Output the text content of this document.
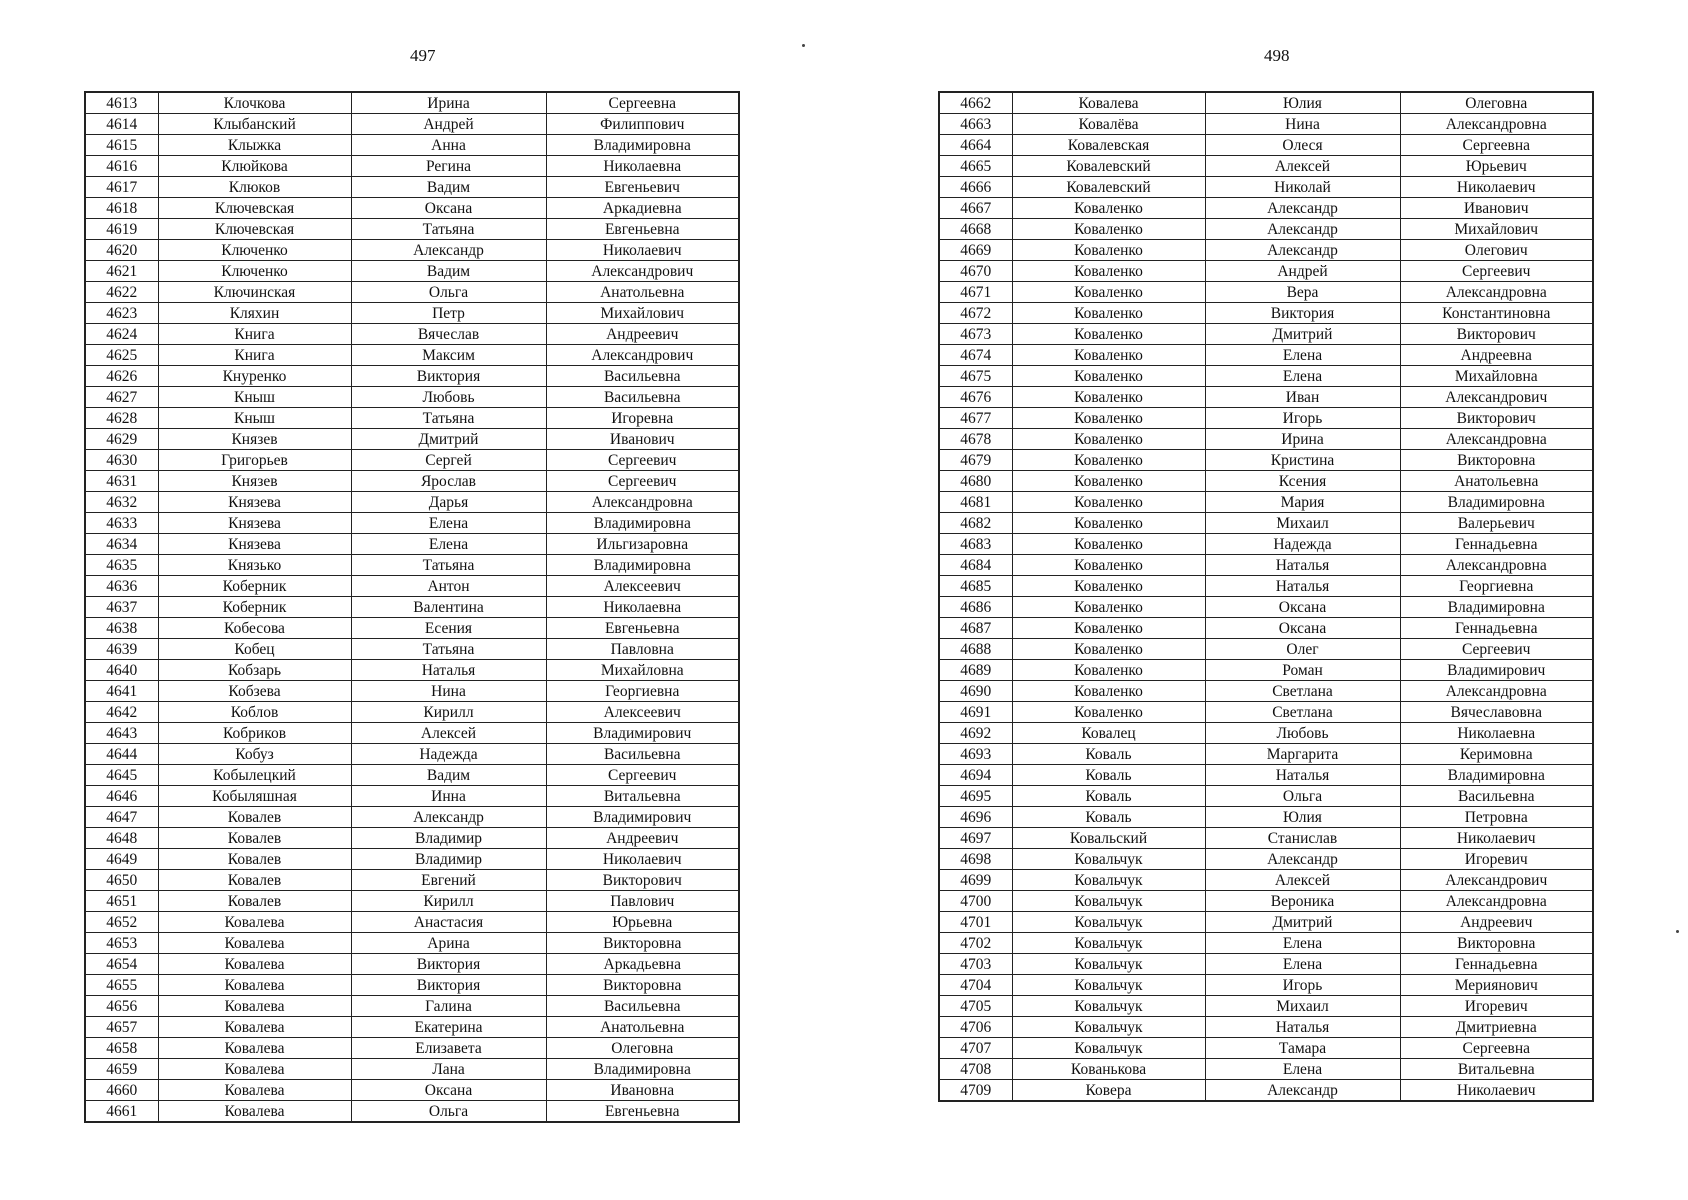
497	498
4613	Клочкова	Ирина	Сергеевна
4614	Клыбанский	Андрей	Филиппович
4615	Клыжка	Анна	Владимировна
4616	Клюйкова	Регина	Николаевна
4617	Клюков	Вадим	Евгеньевич
4618	Ключевская	Оксана	Аркадиевна
4619	Ключевская	Татьяна	Евгеньевна
4620	Ключенко	Александр	Николаевич
4621	Ключенко	Вадим	Александрович
4622	Ключинская	Ольга	Анатольевна
4623	Кляхин	Петр	Михайлович
4624	Книга	Вячеслав	Андреевич
4625	Книга	Максим	Александрович
4626	Кнуренко	Виктория	Васильевна
4627	Кныш	Любовь	Васильевна
4628	Кныш	Татьяна	Игоревна
4629	Князев	Дмитрий	Иванович
4630	Григорьев	Сергей	Сергеевич
4631	Князев	Ярослав	Сергеевич
4632	Князева	Дарья	Александровна
4633	Князева	Елена	Владимировна
4634	Князева	Елена	Ильгизаровна
4635	Князько	Татьяна	Владимировна
4636	Коберник	Антон	Алексеевич
4637	Коберник	Валентина	Николаевна
4638	Кобесова	Есения	Евгеньевна
4639	Кобец	Татьяна	Павловна
4640	Кобзарь	Наталья	Михайловна
4641	Кобзева	Нина	Георгиевна
4642	Коблов	Кирилл	Алексеевич
4643	Кобриков	Алексей	Владимирович
4644	Кобуз	Надежда	Васильевна
4645	Кобылецкий	Вадим	Сергеевич
4646	Кобыляшная	Инна	Витальевна
4647	Ковалев	Александр	Владимирович
4648	Ковалев	Владимир	Андреевич
4649	Ковалев	Владимир	Николаевич
4650	Ковалев	Евгений	Викторович
4651	Ковалев	Кирилл	Павлович
4652	Ковалева	Анастасия	Юрьевна
4653	Ковалева	Арина	Викторовна
4654	Ковалева	Виктория	Аркадьевна
4655	Ковалева	Виктория	Викторовна
4656	Ковалева	Галина	Васильевна
4657	Ковалева	Екатерина	Анатольевна
4658	Ковалева	Елизавета	Олеговна
4659	Ковалева	Лана	Владимировна
4660	Ковалева	Оксана	Ивановна
4661	Ковалева	Ольга	Евгеньевна
4662	Ковалева	Юлия	Олеговна
4663	Ковалёва	Нина	Александровна
4664	Ковалевская	Олеся	Сергеевна
4665	Ковалевский	Алексей	Юрьевич
4666	Ковалевский	Николай	Николаевич
4667	Коваленко	Александр	Иванович
4668	Коваленко	Александр	Михайлович
4669	Коваленко	Александр	Олегович
4670	Коваленко	Андрей	Сергеевич
4671	Коваленко	Вера	Александровна
4672	Коваленко	Виктория	Константиновна
4673	Коваленко	Дмитрий	Викторович
4674	Коваленко	Елена	Андреевна
4675	Коваленко	Елена	Михайловна
4676	Коваленко	Иван	Александрович
4677	Коваленко	Игорь	Викторович
4678	Коваленко	Ирина	Александровна
4679	Коваленко	Кристина	Викторовна
4680	Коваленко	Ксения	Анатольевна
4681	Коваленко	Мария	Владимировна
4682	Коваленко	Михаил	Валерьевич
4683	Коваленко	Надежда	Геннадьевна
4684	Коваленко	Наталья	Александровна
4685	Коваленко	Наталья	Георгиевна
4686	Коваленко	Оксана	Владимировна
4687	Коваленко	Оксана	Геннадьевна
4688	Коваленко	Олег	Сергеевич
4689	Коваленко	Роман	Владимирович
4690	Коваленко	Светлана	Александровна
4691	Коваленко	Светлана	Вячеславовна
4692	Ковалец	Любовь	Николаевна
4693	Коваль	Маргарита	Керимовна
4694	Коваль	Наталья	Владимировна
4695	Коваль	Ольга	Васильевна
4696	Коваль	Юлия	Петровна
4697	Ковальский	Станислав	Николаевич
4698	Ковальчук	Александр	Игоревич
4699	Ковальчук	Алексей	Александрович
4700	Ковальчук	Вероника	Александровна
4701	Ковальчук	Дмитрий	Андреевич
4702	Ковальчук	Елена	Викторовна
4703	Ковальчук	Елена	Геннадьевна
4704	Ковальчук	Игорь	Мериянович
4705	Ковальчук	Михаил	Игоревич
4706	Ковальчук	Наталья	Дмитриевна
4707	Ковальчук	Тамара	Сергеевна
4708	Кованькова	Елена	Витальевна
4709	Ковера	Александр	Николаевич
